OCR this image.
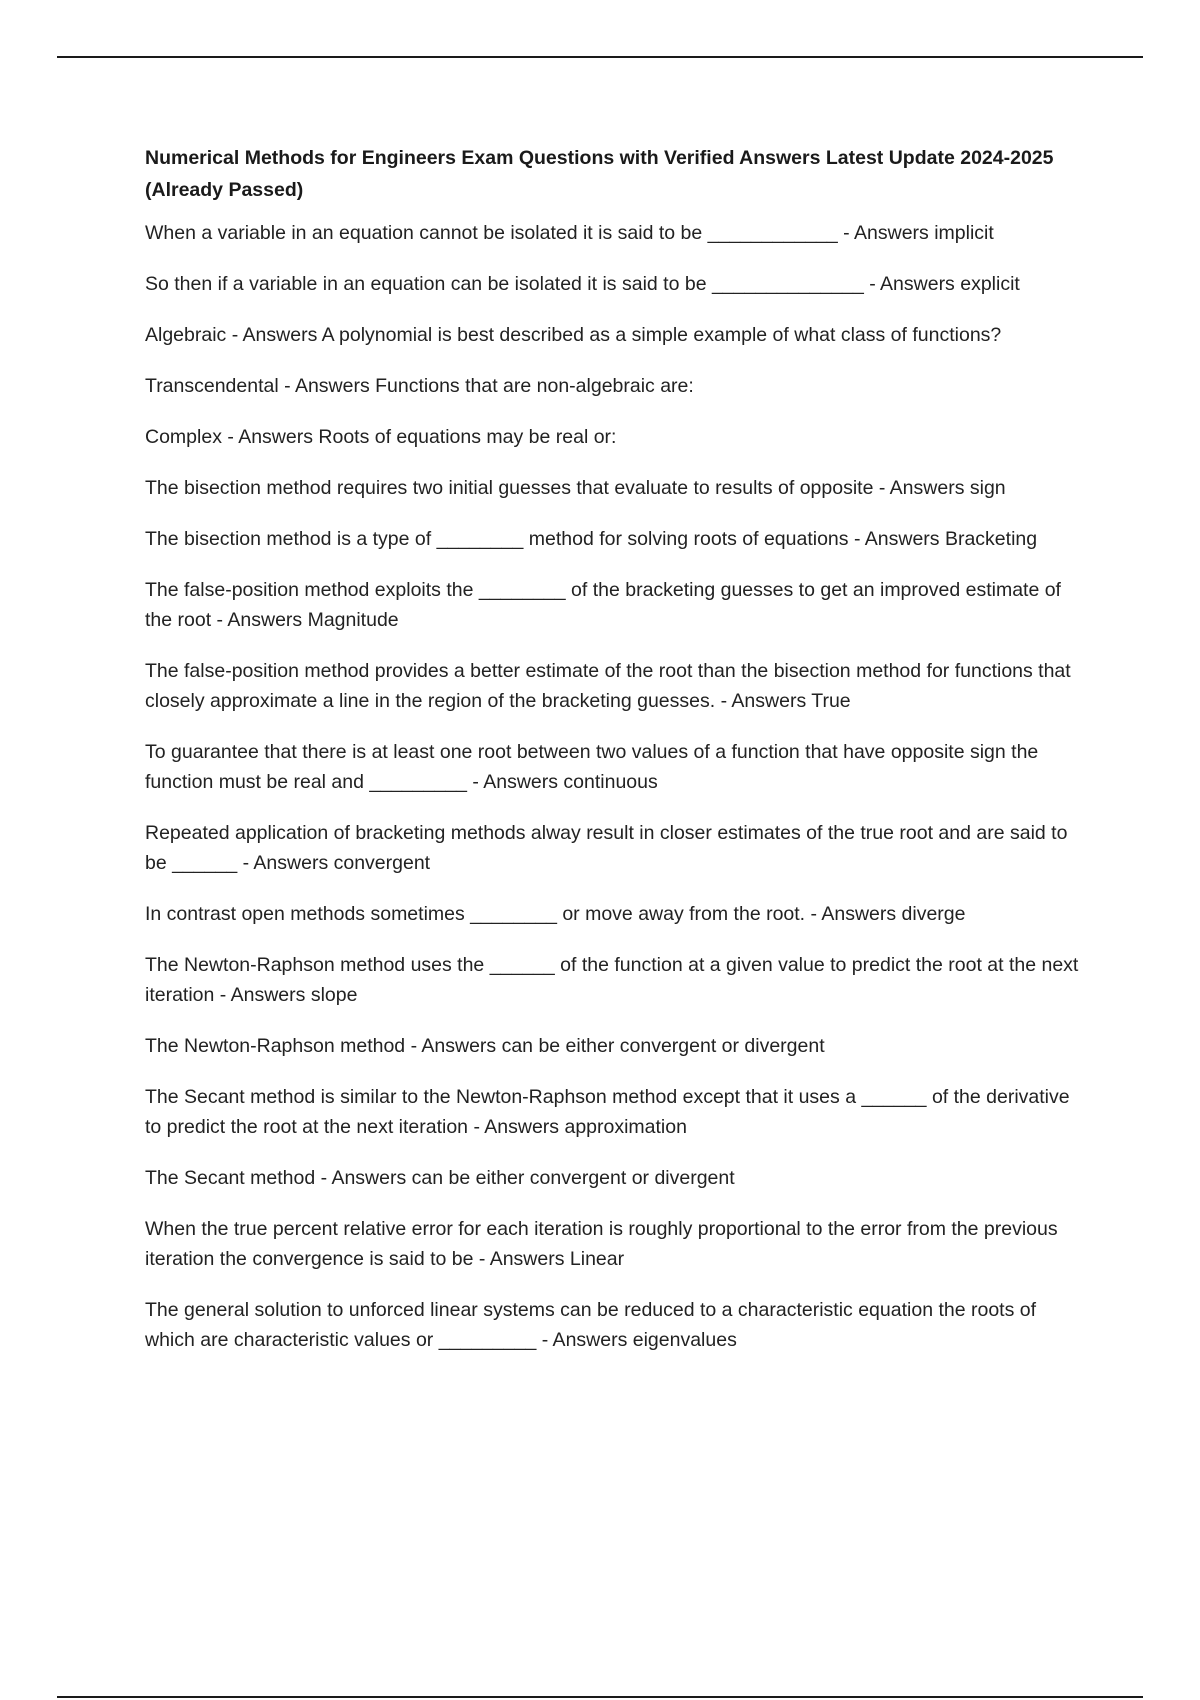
Numerical Methods for Engineers Exam Questions with Verified Answers Latest Update 2024-2025 (Already Passed)

When a variable in an equation cannot be isolated it is said to be ____________ - Answers implicit

So then if a variable in an equation can be isolated it is said to be ______________ - Answers explicit

Algebraic - Answers A polynomial is best described as a simple example of what class of functions?

Transcendental - Answers Functions that are non-algebraic are:

Complex - Answers Roots of equations may be real or:

The bisection method requires two initial guesses that evaluate to results of opposite - Answers sign

The bisection method is a type of ________ method for solving roots of equations - Answers Bracketing

The false-position method exploits the ________ of the bracketing guesses to get an improved estimate of the root - Answers Magnitude

The false-position method provides a better estimate of the root than the bisection method for functions that closely approximate a line in the region of the bracketing guesses. - Answers True

To guarantee that there is at least one root between two values of a function that have opposite sign the function must be real and _________ - Answers continuous

Repeated application of bracketing methods alway result in closer estimates of the true root and are said to be ______ - Answers convergent

In contrast open methods sometimes ________ or move away from the root. - Answers diverge

The Newton-Raphson method uses the ______ of the function at a given value to predict the root at the next iteration - Answers slope

The Newton-Raphson method - Answers can be either convergent or divergent

The Secant method is similar to the Newton-Raphson method except that it uses a ______ of the derivative to predict the root at the next iteration - Answers approximation

The Secant method - Answers can be either convergent or divergent

When the true percent relative error for each iteration is roughly proportional to the error from the previous iteration the convergence is said to be - Answers Linear

The general solution to unforced linear systems can be reduced to a characteristic equation the roots of which are characteristic values or _________ - Answers eigenvalues
